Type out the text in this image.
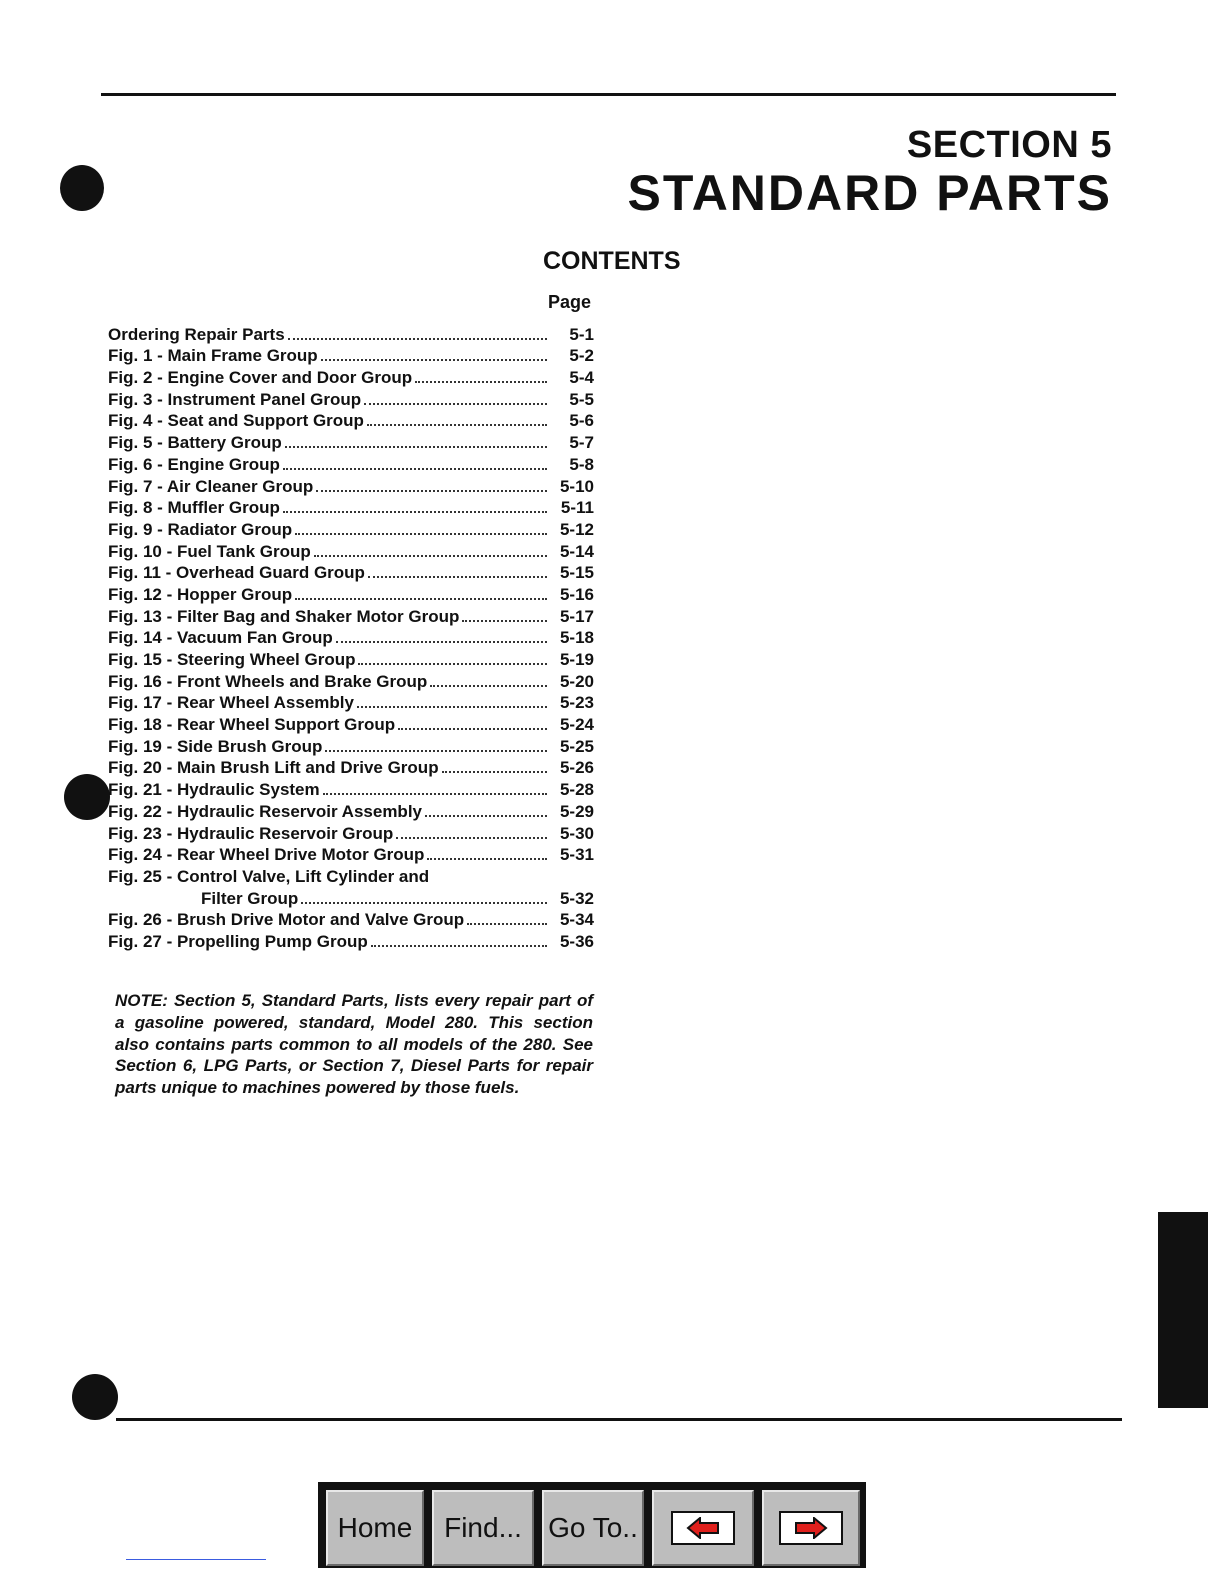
SECTION 5
STANDARD PARTS
CONTENTS
Page
Ordering Repair Parts	5-1
Fig. 1 - Main Frame Group	5-2
Fig. 2 - Engine Cover and Door Group	5-4
Fig. 3 - Instrument Panel Group	5-5
Fig. 4 - Seat and Support Group	5-6
Fig. 5 - Battery Group	5-7
Fig. 6 - Engine Group	5-8
Fig. 7 - Air Cleaner Group	5-10
Fig. 8 - Muffler Group	5-11
Fig. 9 - Radiator Group	5-12
Fig. 10 - Fuel Tank Group	5-14
Fig. 11 - Overhead Guard Group	5-15
Fig. 12 - Hopper Group	5-16
Fig. 13 - Filter Bag and Shaker Motor Group	5-17
Fig. 14 - Vacuum Fan Group	5-18
Fig. 15 - Steering Wheel Group	5-19
Fig. 16 - Front Wheels and Brake Group	5-20
Fig. 17 - Rear Wheel Assembly	5-23
Fig. 18 - Rear Wheel Support Group	5-24
Fig. 19 - Side Brush Group	5-25
Fig. 20 - Main Brush Lift and Drive Group	5-26
Fig. 21 - Hydraulic System	5-28
Fig. 22 - Hydraulic Reservoir Assembly	5-29
Fig. 23 - Hydraulic Reservoir Group	5-30
Fig. 24 - Rear Wheel Drive Motor Group	5-31
Fig. 25 - Control Valve, Lift Cylinder and
Filter Group	5-32
Fig. 26 - Brush Drive Motor and Valve Group	5-34
Fig. 27 - Propelling Pump Group	5-36
NOTE: Section 5, Standard Parts, lists every repair part of a gasoline powered, standard, Model 280. This section also contains parts common to all models of the 280. See Section 6, LPG Parts, or Section 7, Diesel Parts for repair parts unique to machines powered by those fuels.
Home	Find... Go To..
